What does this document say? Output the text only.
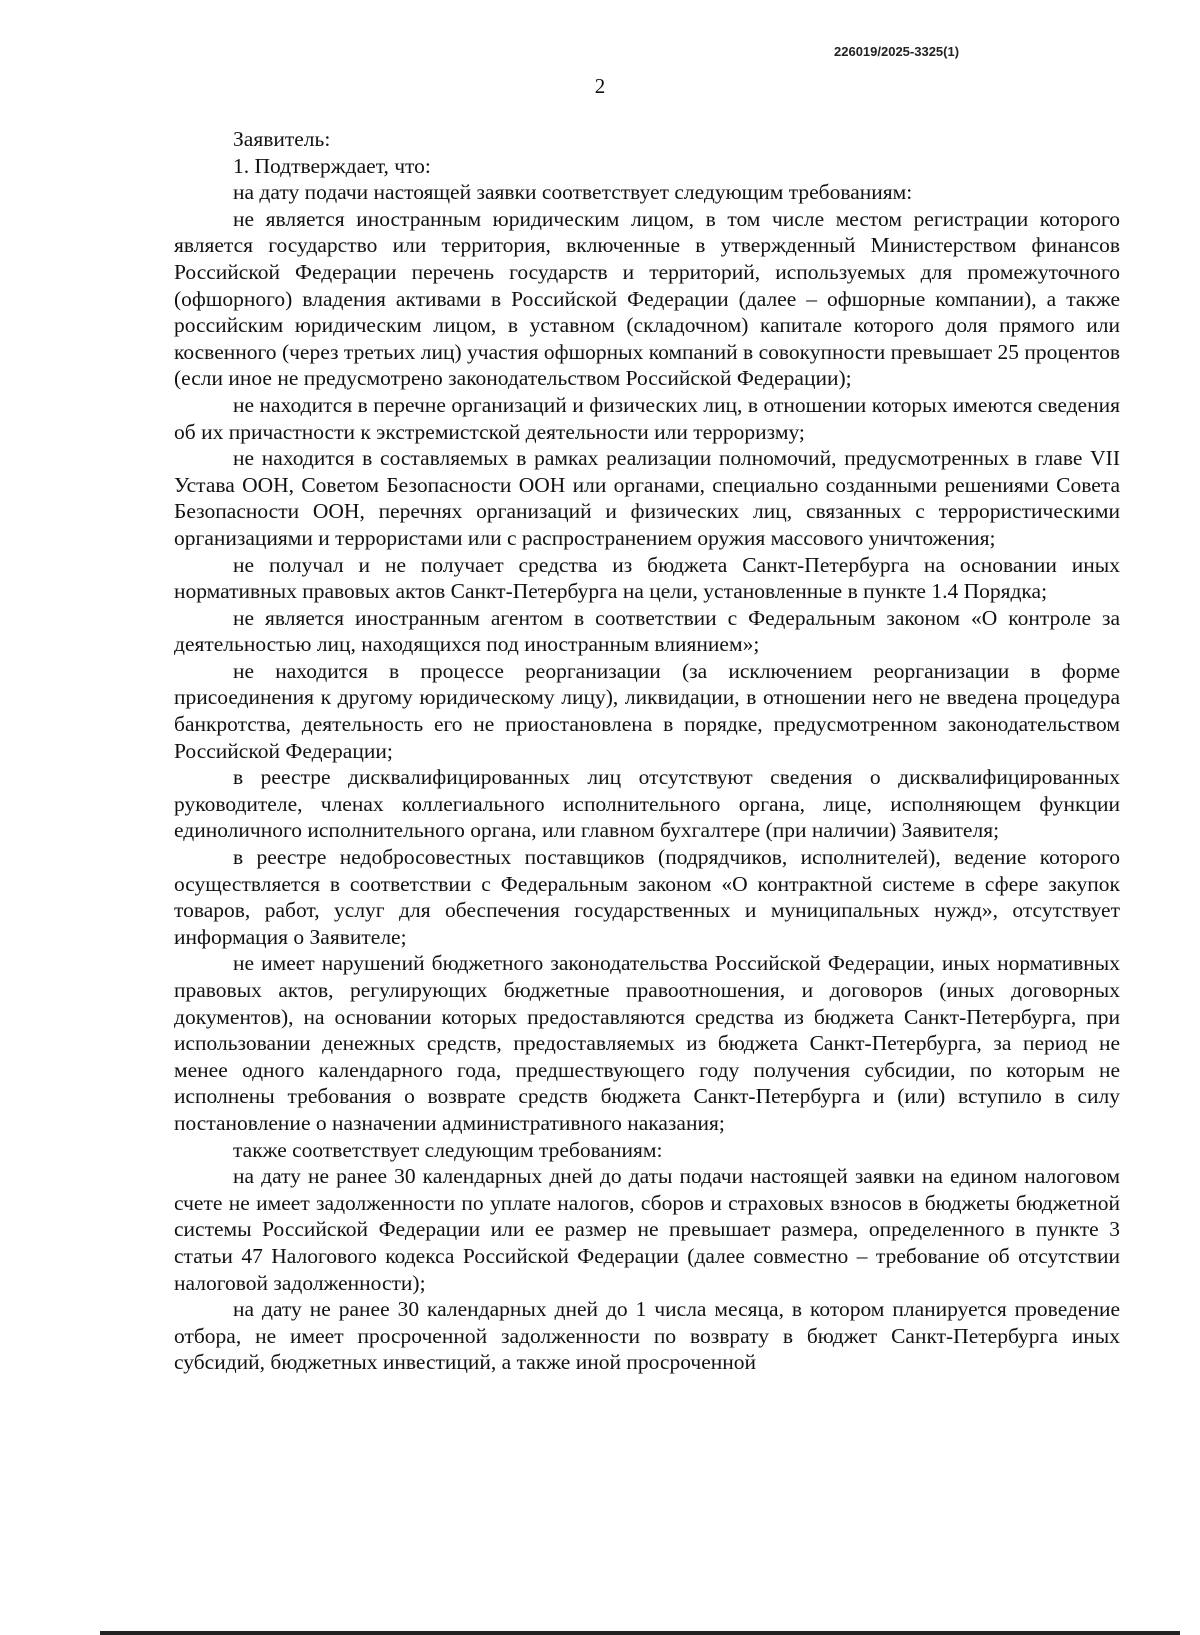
226019/2025-3325(1)
2

Заявитель:

1. Подтверждает, что:

на дату подачи настоящей заявки соответствует следующим требованиям:

не является иностранным юридическим лицом, в том числе местом регистрации которого является государство или территория, включенные в утвержденный Министерством финансов Российской Федерации перечень государств и территорий, используемых для промежуточного (офшорного) владения активами в Российской Федерации (далее – офшорные компании), а также российским юридическим лицом, в уставном (складочном) капитале которого доля прямого или косвенного (через третьих лиц) участия офшорных компаний в совокупности превышает 25 процентов (если иное не предусмотрено законодательством Российской Федерации);

не находится в перечне организаций и физических лиц, в отношении которых имеются сведения об их причастности к экстремистской деятельности или терроризму;

не находится в составляемых в рамках реализации полномочий, предусмотренных в главе VII Устава ООН, Советом Безопасности ООН или органами, специально созданными решениями Совета Безопасности ООН, перечнях организаций и физических лиц, связанных с террористическими организациями и террористами или с распространением оружия массового уничтожения;

не получал и не получает средства из бюджета Санкт-Петербурга на основании иных нормативных правовых актов Санкт-Петербурга на цели, установленные в пункте 1.4 Порядка;

не является иностранным агентом в соответствии с Федеральным законом «О контроле за деятельностью лиц, находящихся под иностранным влиянием»;

не находится в процессе реорганизации (за исключением реорганизации в форме присоединения к другому юридическому лицу), ликвидации, в отношении него не введена процедура банкротства, деятельность его не приостановлена в порядке, предусмотренном законодательством Российской Федерации;

в реестре дисквалифицированных лиц отсутствуют сведения о дисквалифицированных руководителе, членах коллегиального исполнительного органа, лице, исполняющем функции единоличного исполнительного органа, или главном бухгалтере (при наличии) Заявителя;

в реестре недобросовестных поставщиков (подрядчиков, исполнителей), ведение которого осуществляется в соответствии с Федеральным законом «О контрактной системе в сфере закупок товаров, работ, услуг для обеспечения государственных и муниципальных нужд», отсутствует информация о Заявителе;

не имеет нарушений бюджетного законодательства Российской Федерации, иных нормативных правовых актов, регулирующих бюджетные правоотношения, и договоров (иных договорных документов), на основании которых предоставляются средства из бюджета Санкт-Петербурга, при использовании денежных средств, предоставляемых из бюджета Санкт-Петербурга, за период не менее одного календарного года, предшествующего году получения субсидии, по которым не исполнены требования о возврате средств бюджета Санкт-Петербурга и (или) вступило в силу постановление о назначении административного наказания;

также соответствует следующим требованиям:

на дату не ранее 30 календарных дней до даты подачи настоящей заявки на едином налоговом счете не имеет задолженности по уплате налогов, сборов и страховых взносов в бюджеты бюджетной системы Российской Федерации или ее размер не превышает размера, определенного в пункте 3 статьи 47 Налогового кодекса Российской Федерации (далее совместно – требование об отсутствии налоговой задолженности);

на дату не ранее 30 календарных дней до 1 числа месяца, в котором планируется проведение отбора, не имеет просроченной задолженности по возврату в бюджет Санкт-Петербурга иных субсидий, бюджетных инвестиций, а также иной просроченной
